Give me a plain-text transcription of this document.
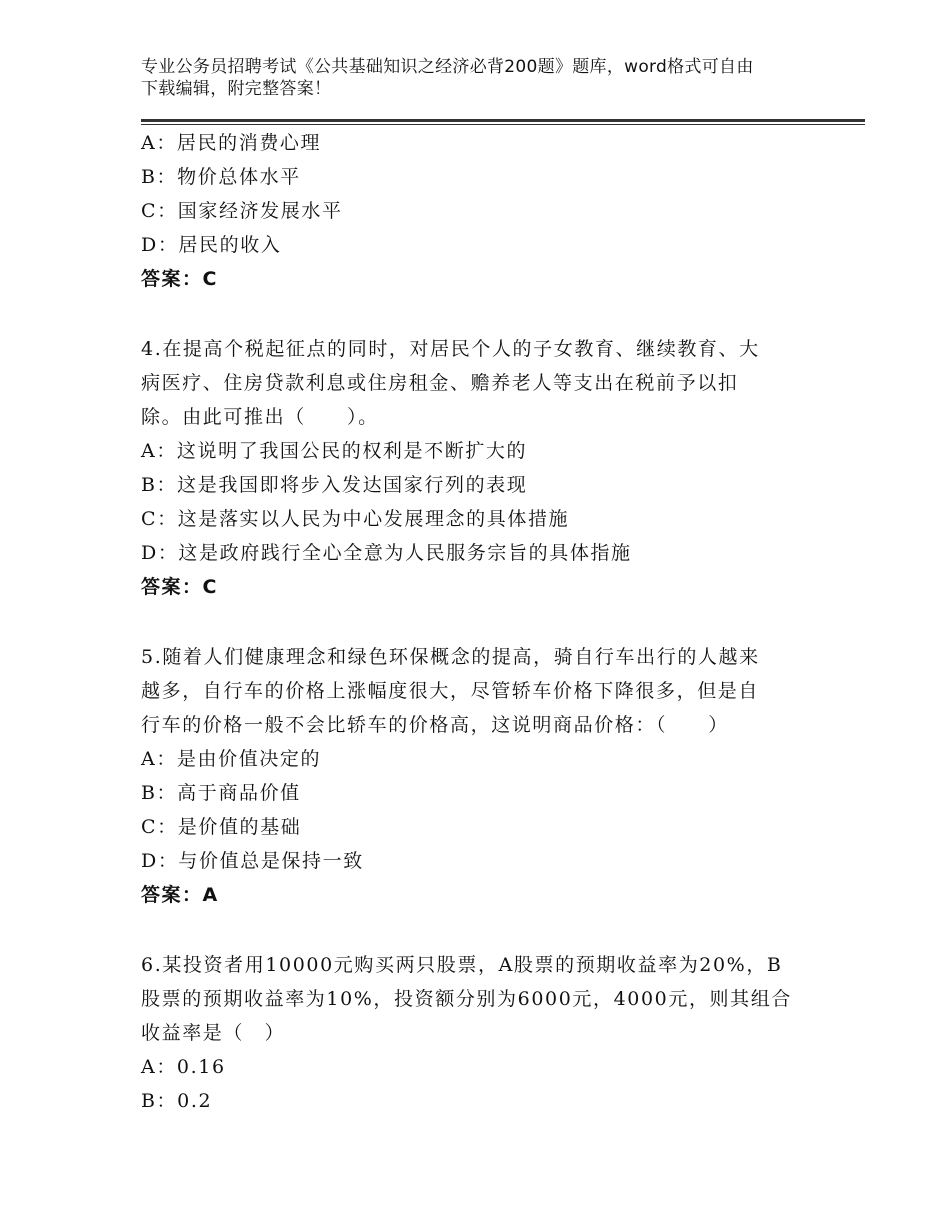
专业公务员招聘考试《公共基础知识之经济必背200题》题库，word格式可自由
下载编辑，附完整答案！
A：居民的消费心理
B：物价总体水平
C：国家经济发展水平
D：居民的收入
答案：C
4.在提高个税起征点的同时，对居民个人的子女教育、继续教育、大
病医疗、住房贷款利息或住房租金、赡养老人等支出在税前予以扣
除。由此可推出（　　）。
A：这说明了我国公民的权利是不断扩大的
B：这是我国即将步入发达国家行列的表现
C：这是落实以人民为中心发展理念的具体措施
D：这是政府践行全心全意为人民服务宗旨的具体指施
答案：C
5.随着人们健康理念和绿色环保概念的提高，骑自行车出行的人越来
越多，自行车的价格上涨幅度很大，尽管轿车价格下降很多，但是自
行车的价格一般不会比轿车的价格高，这说明商品价格：（　　）
A：是由价值决定的
B：高于商品价值
C：是价值的基础
D：与价值总是保持一致
答案：A
6.某投资者用10000元购买两只股票，A股票的预期收益率为20%，B
股票的预期收益率为10%，投资额分别为6000元，4000元，则其组合
收益率是（　）
A：0.16
B：0.2
